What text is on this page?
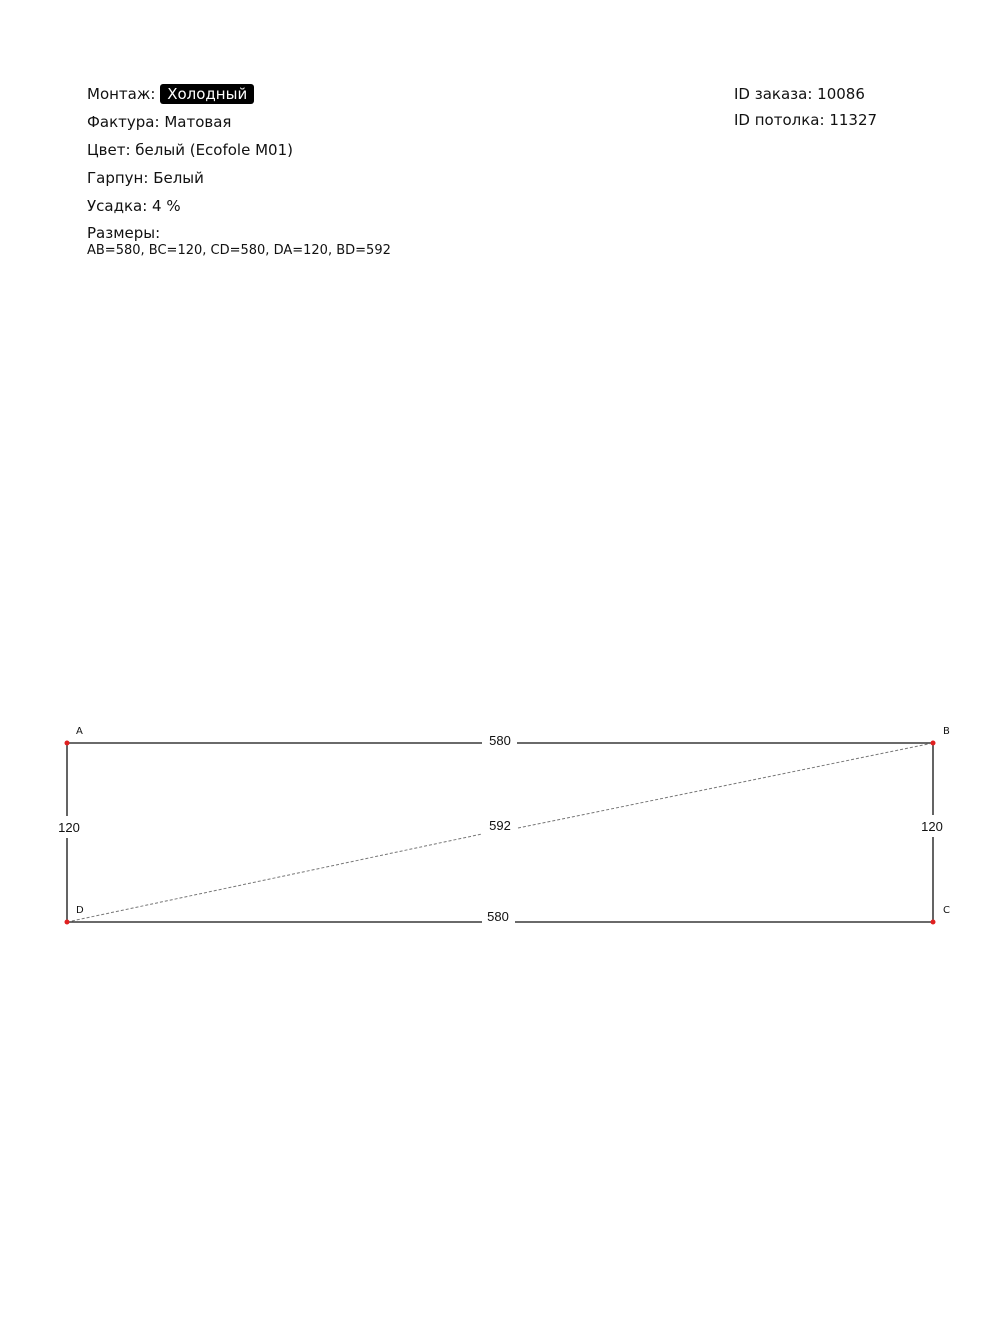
Монтаж: Холодный
Фактура: Матовая
Цвет: белый (Ecofole M01)
Гарпун: Белый
Усадка: 4 %
Размеры:
AB=580, BC=120, CD=580, DA=120, BD=592
ID заказа: 10086
ID потолка: 11327
A	B
C
D
580
120
580
120	592
